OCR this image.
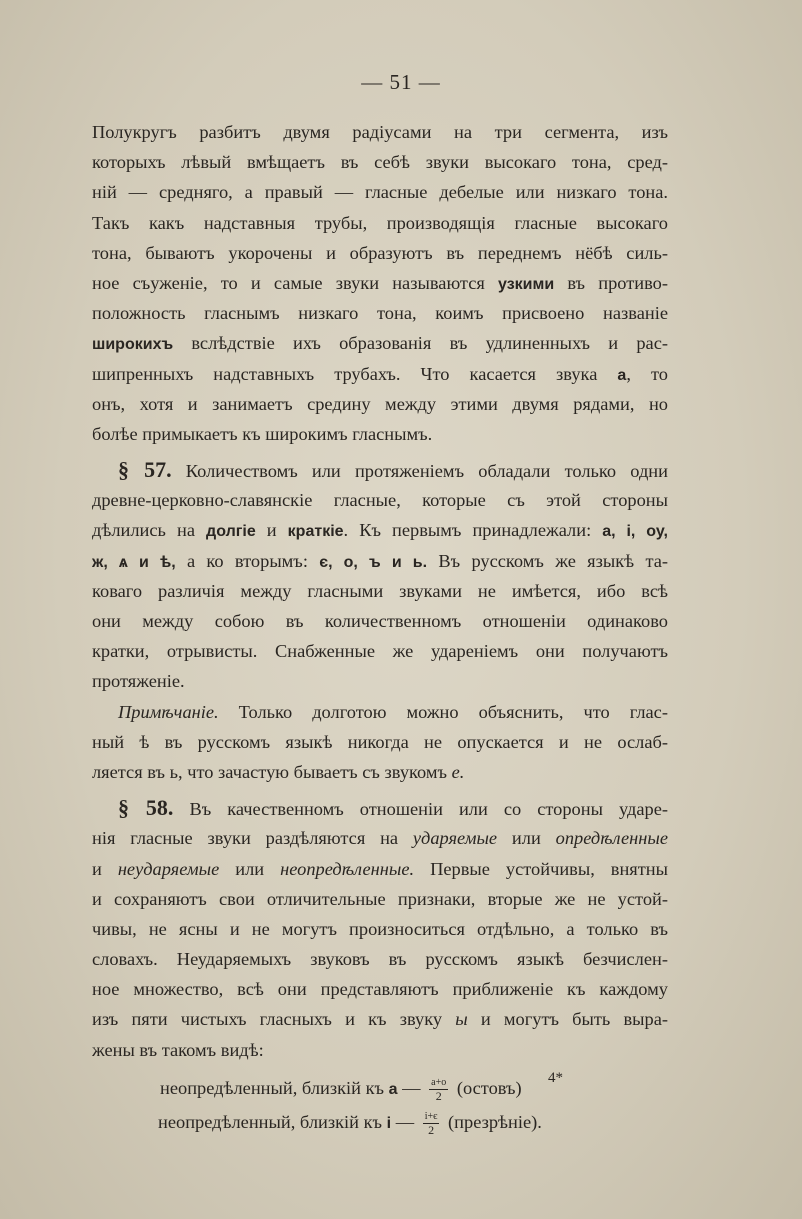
— 51 —
Полукругъ разбитъ двумя радiусами на три сегмента, изъ
которыхъ лѣвый вмѣщаетъ въ себѣ звуки высокаго тона, сред-
нiй — средняго, а правый — гласные дебелые или низкаго тона.
Такъ какъ надставныя трубы, производящiя гласные высокаго
тона, бываютъ укорочены и образуютъ въ переднемъ нёбѣ силь-
ное съуженiе, то и самые звуки называются узкими въ противо-
положность гласнымъ низкаго тона, коимъ присвоено названiе
широкихъ вслѣдствiе ихъ образованiя въ удлиненныхъ и рас-
шипренныхъ надставныхъ трубахъ. Что касается звука а, то
онъ, хотя и занимаетъ средину между этими двумя рядами, но
болѣе примыкаетъ къ широкимъ гласнымъ.
§ 57. Количествомъ или протяженiемъ обладали только одни
древне-церковно-славянскiе гласные, которые съ этой стороны
дѣлились на долгiе и краткiе. Къ первымъ принадлежали: а, і, оу,
ж, ѧ и ѣ, а ко вторымъ: є, о, ъ и ь. Въ русскомъ же языкѣ та-
коваго различiя между гласными звуками не имѣется, ибо всѣ
они между собою въ количественномъ отношенiи одинаково
кратки, отрывисты. Снабженные же ударенiемъ они получаютъ
протяженiе.
Примѣчанiе. Только долготою можно объяснить, что глас-
ный ѣ въ русскомъ языкѣ никогда не опускается и не ослаб-
ляется въ ь, что зачастую бываетъ съ звукомъ е.
§ 58. Въ качественномъ отношенiи или со стороны ударе-
нiя гласные звуки раздѣляются на ударяемые или опредѣленные
и неударяемые или неопредѣленные. Первые устойчивы, внятны
и сохраняютъ свои отличительные признаки, вторые же не устой-
чивы, не ясны и не могутъ произноситься отдѣльно, а только въ
словахъ. Неударяемыхъ звуковъ въ русскомъ языкѣ безчислен-
ное множество, всѣ они представляютъ приближенiе къ каждому
изъ пяти чистыхъ гласныхъ и къ звуку ы и могутъ быть выра-
жены въ такомъ видѣ:
неопредѣленный, близкiй къ а — $\frac{а+о}{2}$ (остовъ)
неопредѣленный, близкiй къ і — $\frac{і+є}{2}$ (презрѣнiе).
4*
